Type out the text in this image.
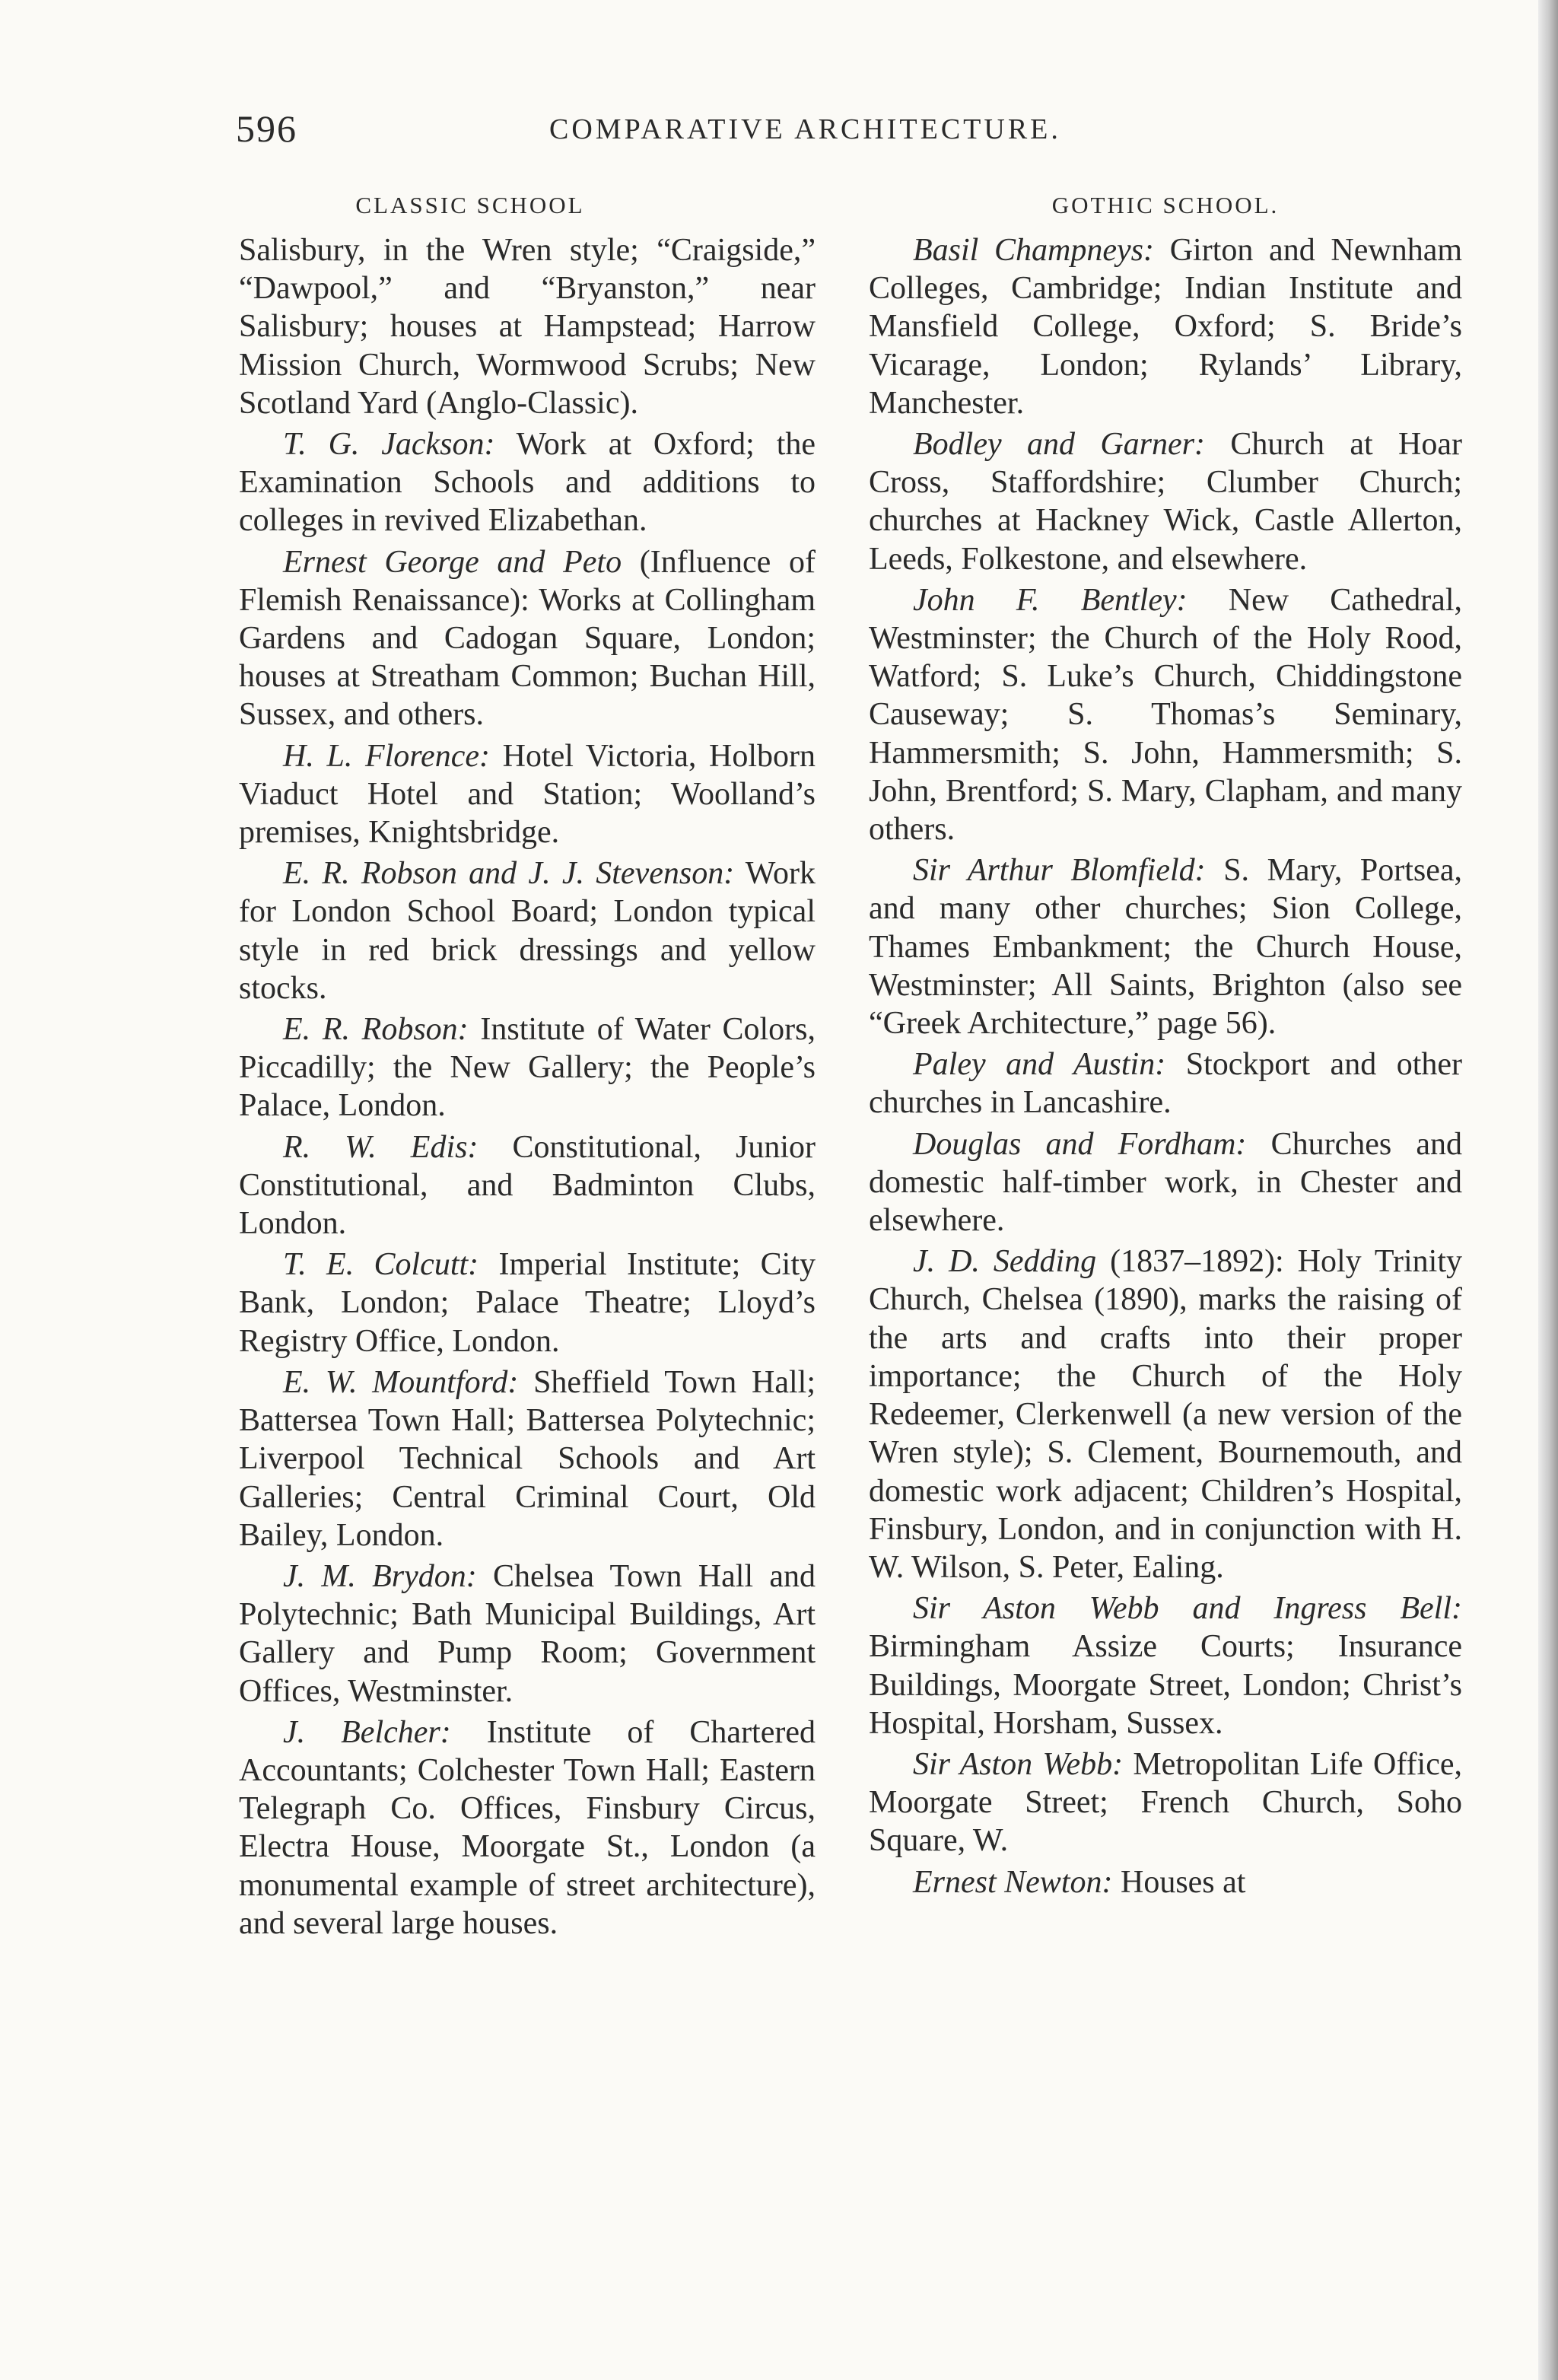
596	COMPARATIVE ARCHITECTURE.
CLASSIC SCHOOL

Salisbury, in the Wren style; “Craigside,” “Dawpool,” and “Bryanston,” near Salisbury; houses at Hampstead; Harrow Mission Church, Wormwood Scrubs; New Scotland Yard (Anglo-Classic).

T. G. Jackson: Work at Oxford; the Examination Schools and additions to colleges in revived Elizabethan.

Ernest George and Peto (Influence of Flemish Renaissance): Works at Collingham Gardens and Cadogan Square, London; houses at Streatham Common; Buchan Hill, Sussex, and others.

H. L. Florence: Hotel Victoria, Holborn Viaduct Hotel and Station; Woolland’s premises, Knightsbridge.

E. R. Robson and J. J. Stevenson: Work for London School Board; London typical style in red brick dressings and yellow stocks.

E. R. Robson: Institute of Water Colors, Piccadilly; the New Gallery; the People’s Palace, London.

R. W. Edis: Constitutional, Junior Constitutional, and Badminton Clubs, London.

T. E. Colcutt: Imperial Institute; City Bank, London; Palace Theatre; Lloyd’s Registry Office, London.

E. W. Mountford: Sheffield Town Hall; Battersea Town Hall; Battersea Polytechnic; Liverpool Technical Schools and Art Galleries; Central Criminal Court, Old Bailey, London.

J. M. Brydon: Chelsea Town Hall and Polytechnic; Bath Municipal Buildings, Art Gallery and Pump Room; Government Offices, Westminster.

J. Belcher: Institute of Chartered Accountants; Colchester Town Hall; Eastern Telegraph Co. Offices, Finsbury Circus, Electra House, Moorgate St., London (a monumental example of street architecture), and several large houses.

GOTHIC SCHOOL.

Basil Champneys: Girton and Newnham Colleges, Cambridge; Indian Institute and Mansfield College, Oxford; S. Bride’s Vicarage, London; Rylands’ Library, Manchester.

Bodley and Garner: Church at Hoar Cross, Staffordshire; Clumber Church; churches at Hackney Wick, Castle Allerton, Leeds, Folkestone, and elsewhere.

John F. Bentley: New Cathedral, Westminster; the Church of the Holy Rood, Watford; S. Luke’s Church, Chiddingstone Causeway; S. Thomas’s Seminary, Hammersmith; S. John, Hammersmith; S. John, Brentford; S. Mary, Clapham, and many others.

Sir Arthur Blomfield: S. Mary, Portsea, and many other churches; Sion College, Thames Embankment; the Church House, Westminster; All Saints, Brighton (also see “Greek Architecture,” page 56).

Paley and Austin: Stockport and other churches in Lancashire.

Douglas and Fordham: Churches and domestic half-timber work, in Chester and elsewhere.

J. D. Sedding (1837–1892): Holy Trinity Church, Chelsea (1890), marks the raising of the arts and crafts into their proper importance; the Church of the Holy Redeemer, Clerkenwell (a new version of the Wren style); S. Clement, Bournemouth, and domestic work adjacent; Children’s Hospital, Finsbury, London, and in conjunction with H. W. Wilson, S. Peter, Ealing.

Sir Aston Webb and Ingress Bell: Birmingham Assize Courts; Insurance Buildings, Moorgate Street, London; Christ’s Hospital, Horsham, Sussex.

Sir Aston Webb: Metropolitan Life Office, Moorgate Street; French Church, Soho Square, W.

Ernest Newton: Houses at
